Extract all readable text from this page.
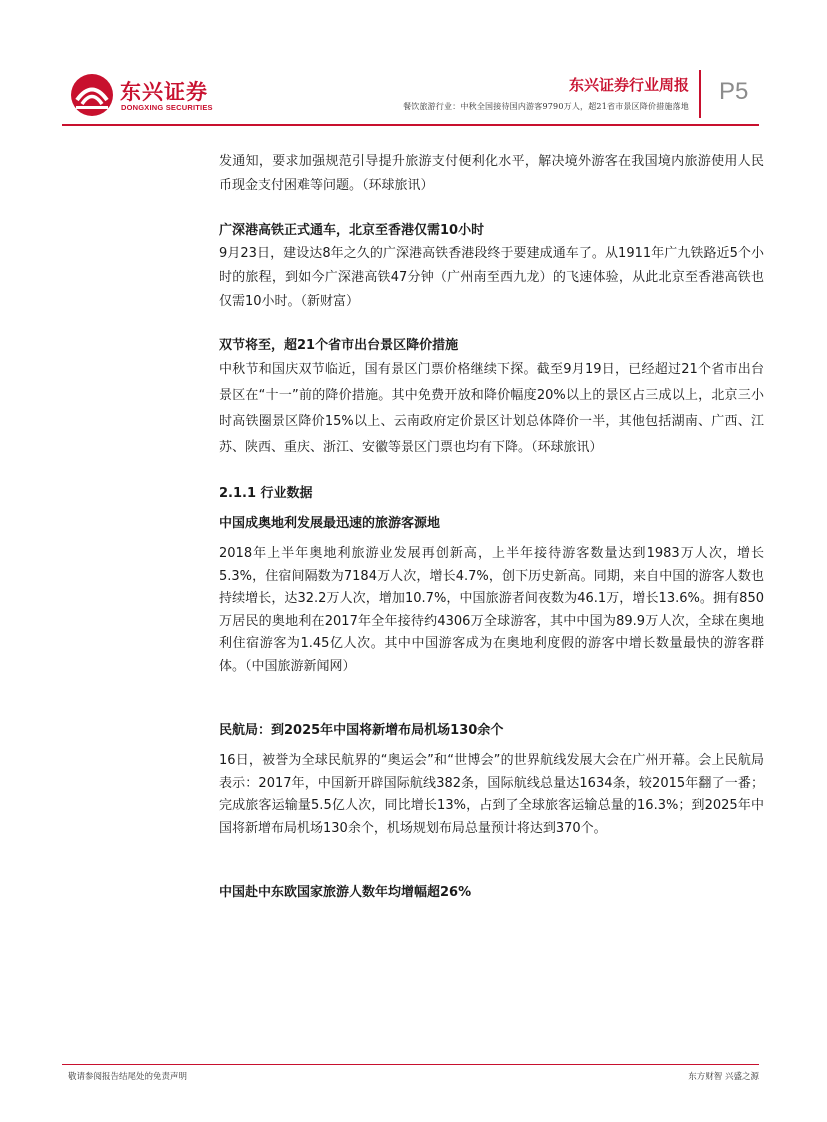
东兴证券
DONGXING SECURITIES
东兴证券行业周报
餐饮旅游行业：中秋全国接待国内游客9790万人，超21省市景区降价措施落地
P5

发通知，要求加强规范引导提升旅游支付便利化水平，解决境外游客在我国境内旅游使用人民币现金支付困难等问题。（环球旅讯）

广深港高铁正式通车，北京至香港仅需10小时

9月23日，建设达8年之久的广深港高铁香港段终于要建成通车了。从1911年广九铁路近5个小时的旅程，到如今广深港高铁47分钟（广州南至西九龙）的飞速体验，从此北京至香港高铁也仅需10小时。（新财富）

双节将至，超21个省市出台景区降价措施

中秋节和国庆双节临近，国有景区门票价格继续下探。截至9月19日，已经超过21个省市出台景区在“十一”前的降价措施。其中免费开放和降价幅度20%以上的景区占三成以上，北京三小时高铁圈景区降价15%以上、云南政府定价景区计划总体降价一半，其他包括湖南、广西、江苏、陕西、重庆、浙江、安徽等景区门票也均有下降。（环球旅讯）

2.1.1 行业数据

中国成奥地利发展最迅速的旅游客源地

2018年上半年奥地利旅游业发展再创新高，上半年接待游客数量达到1983万人次，增长5.3%，住宿间隔数为7184万人次，增长4.7%，创下历史新高。同期，来自中国的游客人数也持续增长，达32.2万人次，增加10.7%，中国旅游者间夜数为46.1万，增长13.6%。拥有850万居民的奥地利在2017年全年接待约4306万全球游客，其中中国为89.9万人次，全球在奥地利住宿游客为1.45亿人次。其中中国游客成为在奥地利度假的游客中增长数量最快的游客群体。（中国旅游新闻网）

民航局：到2025年中国将新增布局机场130余个

16日，被誉为全球民航界的“奥运会”和“世博会”的世界航线发展大会在广州开幕。会上民航局表示：2017年，中国新开辟国际航线382条，国际航线总量达1634条，较2015年翻了一番；完成旅客运输量5.5亿人次，同比增长13%，占到了全球旅客运输总量的16.3%；到2025年中国将新增布局机场130余个，机场规划布局总量预计将达到370个。

中国赴中东欧国家旅游人数年均增幅超26%

敬请参阅报告结尾处的免责声明	东方财智 兴盛之源
